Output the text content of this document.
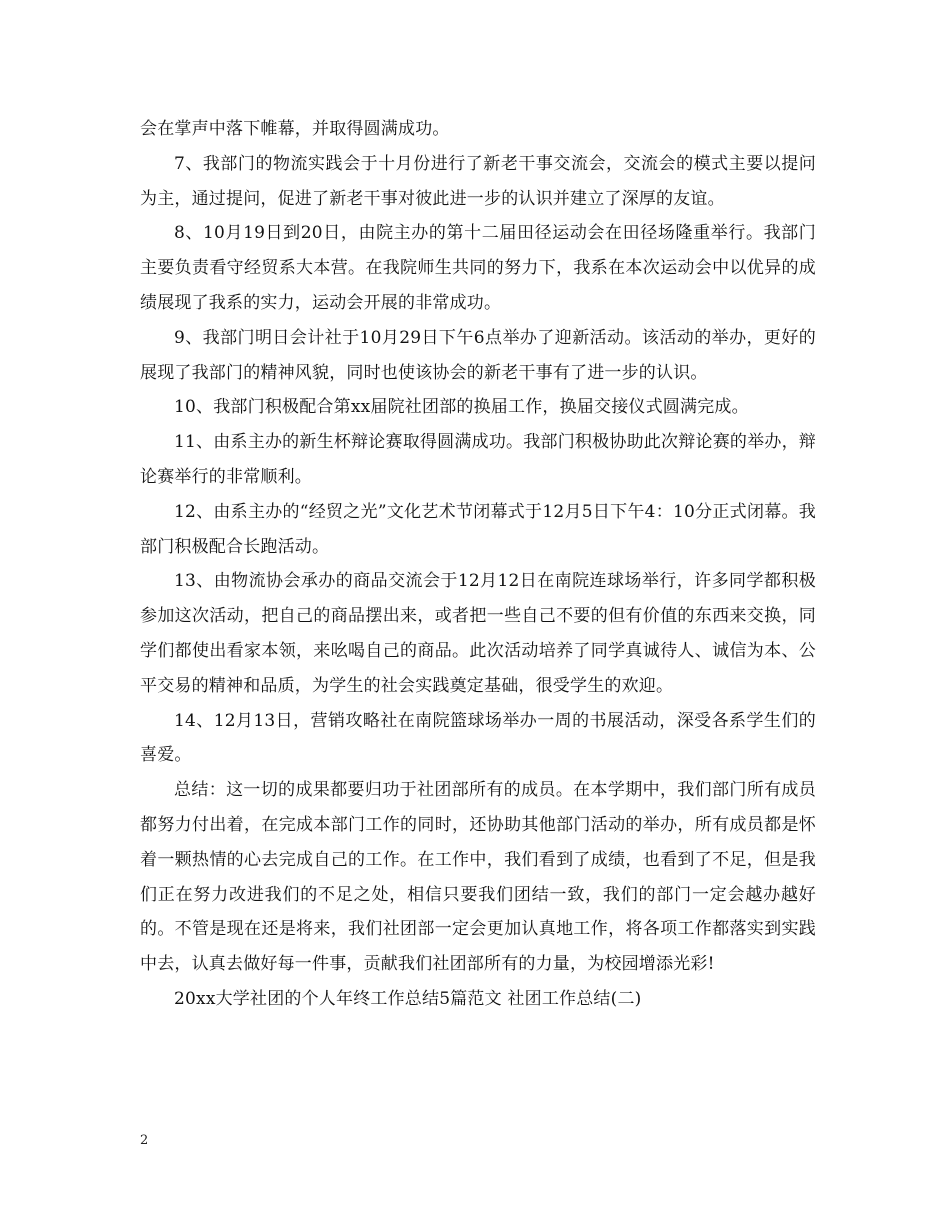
会在掌声中落下帷幕，并取得圆满成功。

7、我部门的物流实践会于十月份进行了新老干事交流会，交流会的模式主要以提问为主，通过提问，促进了新老干事对彼此进一步的认识并建立了深厚的友谊。

8、10月19日到20日，由院主办的第十二届田径运动会在田径场隆重举行。我部门主要负责看守经贸系大本营。在我院师生共同的努力下，我系在本次运动会中以优异的成绩展现了我系的实力，运动会开展的非常成功。

9、我部门明日会计社于10月29日下午6点举办了迎新活动。该活动的举办，更好的展现了我部门的精神风貌，同时也使该协会的新老干事有了进一步的认识。

10、我部门积极配合第xx届院社团部的换届工作，换届交接仪式圆满完成。

11、由系主办的新生杯辩论赛取得圆满成功。我部门积极协助此次辩论赛的举办，辩论赛举行的非常顺利。

12、由系主办的“经贸之光”文化艺术节闭幕式于12月5日下午4：10分正式闭幕。我部门积极配合长跑活动。

13、由物流协会承办的商品交流会于12月12日在南院连球场举行，许多同学都积极参加这次活动，把自己的商品摆出来，或者把一些自己不要的但有价值的东西来交换，同学们都使出看家本领，来吆喝自己的商品。此次活动培养了同学真诚待人、诚信为本、公平交易的精神和品质，为学生的社会实践奠定基础，很受学生的欢迎。

14、12月13日，营销攻略社在南院篮球场举办一周的书展活动，深受各系学生们的喜爱。

总结：这一切的成果都要归功于社团部所有的成员。在本学期中，我们部门所有成员都努力付出着，在完成本部门工作的同时，还协助其他部门活动的举办，所有成员都是怀着一颗热情的心去完成自己的工作。在工作中，我们看到了成绩，也看到了不足，但是我们正在努力改进我们的不足之处，相信只要我们团结一致，我们的部门一定会越办越好的。不管是现在还是将来，我们社团部一定会更加认真地工作，将各项工作都落实到实践中去，认真去做好每一件事，贡献我们社团部所有的力量，为校园增添光彩!

20xx大学社团的个人年终工作总结5篇范文 社团工作总结(二)

2
